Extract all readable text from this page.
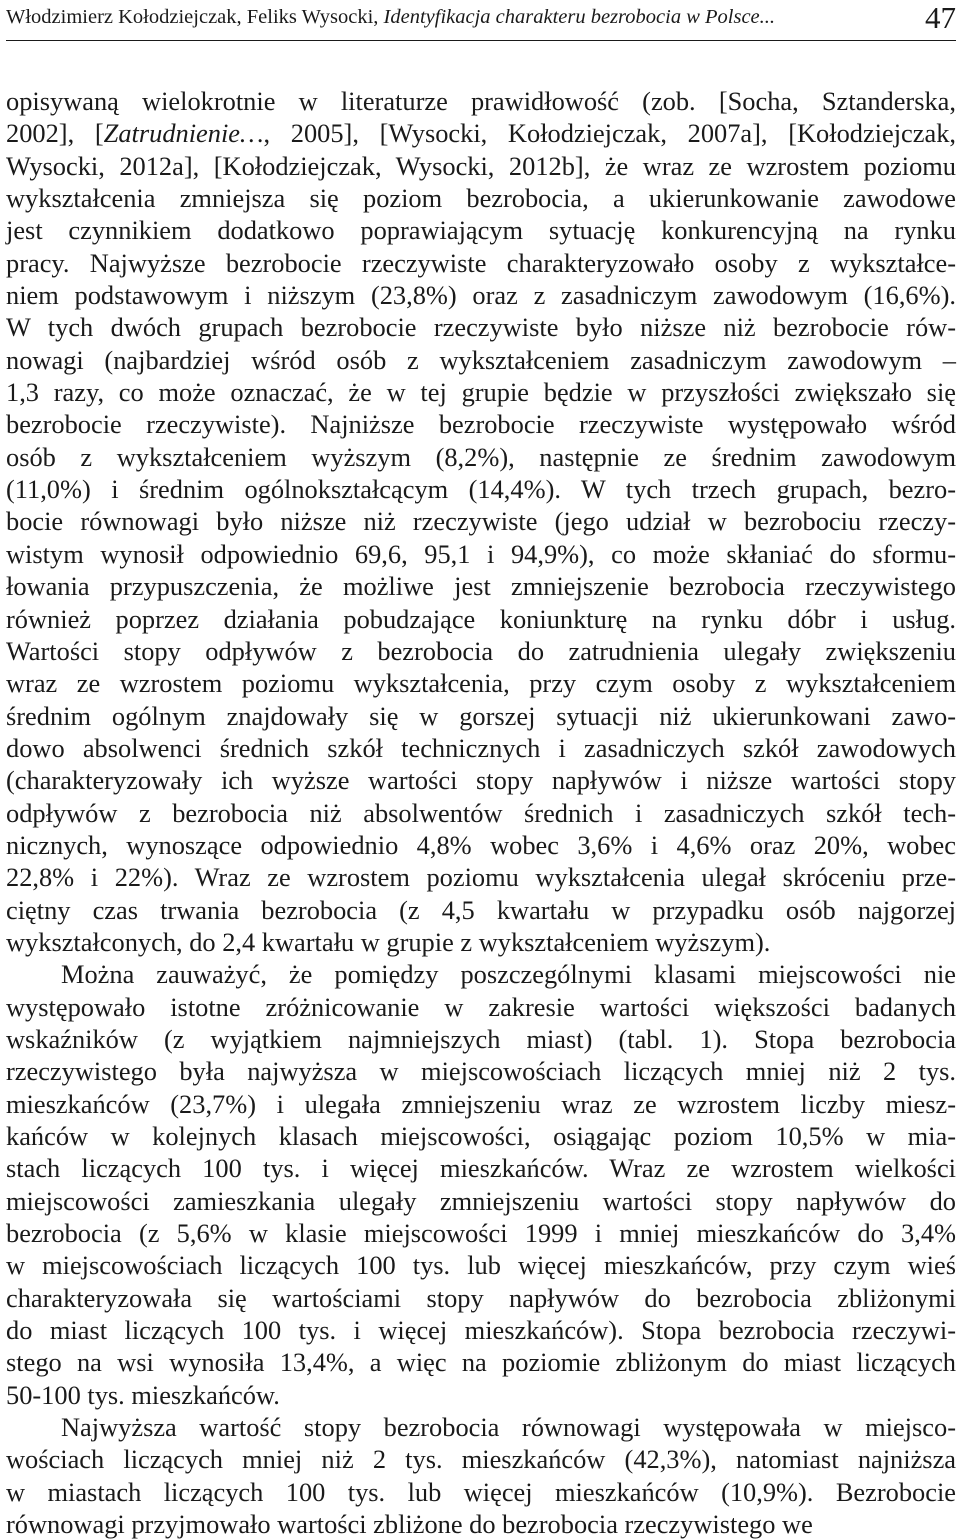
Włodzimierz Kołodziejczak, Feliks Wysocki, Identyfikacja charakteru bezrobocia w Polsce...	47

opisywaną wielokrotnie w literaturze prawidłowość (zob. [Socha, Sztanderska,
2002], [Zatrudnienie…, 2005], [Wysocki, Kołodziejczak, 2007a], [Kołodziejczak,
Wysocki, 2012a], [Kołodziejczak, Wysocki, 2012b], że wraz ze wzrostem poziomu
wykształcenia zmniejsza się poziom bezrobocia, a ukierunkowanie zawodowe
jest czynnikiem dodatkowo poprawiającym sytuację konkurencyjną na rynku
pracy. Najwyższe bezrobocie rzeczywiste charakteryzowało osoby z wykształce-
niem podstawowym i niższym (23,8%) oraz z zasadniczym zawodowym (16,6%).
W tych dwóch grupach bezrobocie rzeczywiste było niższe niż bezrobocie rów-
nowagi (najbardziej wśród osób z wykształceniem zasadniczym zawodowym –
1,3 razy, co może oznaczać, że w tej grupie będzie w przyszłości zwiększało się
bezrobocie rzeczywiste). Najniższe bezrobocie rzeczywiste występowało wśród
osób z wykształceniem wyższym (8,2%), następnie ze średnim zawodowym
(11,0%) i średnim ogólnokształcącym (14,4%). W tych trzech grupach, bezro-
bocie równowagi było niższe niż rzeczywiste (jego udział w bezrobociu rzeczy-
wistym wynosił odpowiednio 69,6, 95,1 i 94,9%), co może skłaniać do sformu-
łowania przypuszczenia, że możliwe jest zmniejszenie bezrobocia rzeczywistego
również poprzez działania pobudzające koniunkturę na rynku dóbr i usług.
Wartości stopy odpływów z bezrobocia do zatrudnienia ulegały zwiększeniu
wraz ze wzrostem poziomu wykształcenia, przy czym osoby z wykształceniem
średnim ogólnym znajdowały się w gorszej sytuacji niż ukierunkowani zawo-
dowo absolwenci średnich szkół technicznych i zasadniczych szkół zawodowych
(charakteryzowały ich wyższe wartości stopy napływów i niższe wartości stopy
odpływów z bezrobocia niż absolwentów średnich i zasadniczych szkół tech-
nicznych, wynoszące odpowiednio 4,8% wobec 3,6% i 4,6% oraz 20%, wobec
22,8% i 22%). Wraz ze wzrostem poziomu wykształcenia ulegał skróceniu prze-
ciętny czas trwania bezrobocia (z 4,5 kwartału w przypadku osób najgorzej
wykształconych, do 2,4 kwartału w grupie z wykształceniem wyższym).

Można zauważyć, że pomiędzy poszczególnymi klasami miejscowości nie
występowało istotne zróżnicowanie w zakresie wartości większości badanych
wskaźników (z wyjątkiem najmniejszych miast) (tabl. 1). Stopa bezrobocia
rzeczywistego była najwyższa w miejscowościach liczących mniej niż 2 tys.
mieszkańców (23,7%) i ulegała zmniejszeniu wraz ze wzrostem liczby miesz-
kańców w kolejnych klasach miejscowości, osiągając poziom 10,5% w mia-
stach liczących 100 tys. i więcej mieszkańców. Wraz ze wzrostem wielkości
miejscowości zamieszkania ulegały zmniejszeniu wartości stopy napływów do
bezrobocia (z 5,6% w klasie miejscowości 1999 i mniej mieszkańców do 3,4%
w miejscowościach liczących 100 tys. lub więcej mieszkańców, przy czym wieś
charakteryzowała się wartościami stopy napływów do bezrobocia zbliżonymi
do miast liczących 100 tys. i więcej mieszkańców). Stopa bezrobocia rzeczywi-
stego na wsi wynosiła 13,4%, a więc na poziomie zbliżonym do miast liczących
50-100 tys. mieszkańców.

Najwyższa wartość stopy bezrobocia równowagi występowała w miejsco-
wościach liczących mniej niż 2 tys. mieszkańców (42,3%), natomiast najniższa
w miastach liczących 100 tys. lub więcej mieszkańców (10,9%). Bezrobocie
równowagi przyjmowało wartości zbliżone do bezrobocia rzeczywistego we
